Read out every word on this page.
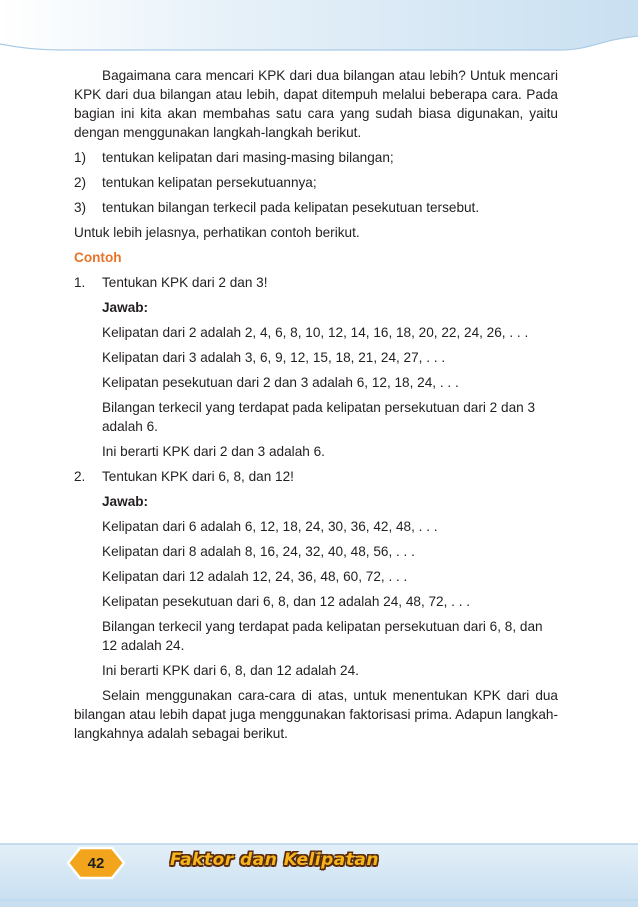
Bagaimana cara mencari KPK dari dua bilangan atau lebih? Untuk mencari KPK dari dua bilangan atau lebih, dapat ditempuh melalui beberapa cara. Pada bagian ini kita akan membahas satu cara yang sudah biasa digunakan, yaitu dengan menggunakan langkah-langkah berikut.

1)	tentukan kelipatan dari masing-masing bilangan;
2)	tentukan kelipatan persekutuannya;
3)	tentukan bilangan terkecil pada kelipatan pesekutuan tersebut.

Untuk lebih jelasnya, perhatikan contoh berikut.

Contoh

1.	Tentukan KPK dari 2 dan 3!

Jawab:

Kelipatan dari 2 adalah 2, 4, 6, 8, 10, 12, 14, 16, 18, 20, 22, 24, 26, . . .

Kelipatan dari 3 adalah 3, 6, 9, 12, 15, 18, 21, 24, 27, . . .

Kelipatan pesekutuan dari 2 dan 3 adalah 6, 12, 18, 24, . . .

Bilangan terkecil yang terdapat pada kelipatan persekutuan dari 2 dan 3 adalah 6.

Ini berarti KPK dari 2 dan 3 adalah 6.

2.	Tentukan KPK dari 6, 8, dan 12!

Jawab:

Kelipatan dari 6 adalah 6, 12, 18, 24, 30, 36, 42, 48, . . .

Kelipatan dari 8 adalah 8, 16, 24, 32, 40, 48, 56, . . .

Kelipatan dari 12 adalah 12, 24, 36, 48, 60, 72, . . .

Kelipatan pesekutuan dari 6, 8, dan 12 adalah 24, 48, 72, . . .

Bilangan terkecil yang terdapat pada kelipatan persekutuan dari 6, 8, dan 12 adalah 24.

Ini berarti KPK dari 6, 8, dan 12 adalah 24.

Selain menggunakan cara-cara di atas, untuk menentukan KPK dari dua bilangan atau lebih dapat juga menggunakan faktorisasi prima. Adapun langkah-langkahnya adalah sebagai berikut.

42	Faktor dan Kelipatan
